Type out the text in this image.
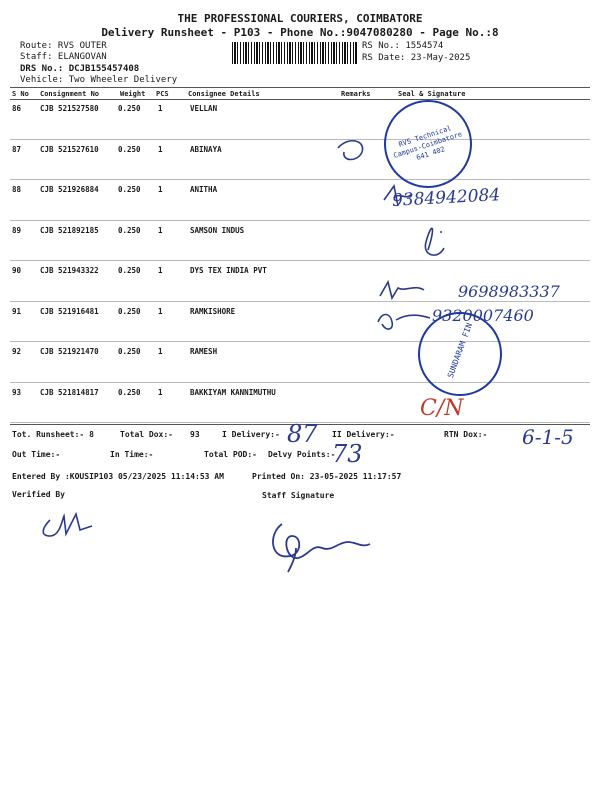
THE PROFESSIONAL COURIERS, COIMBATORE
Delivery Runsheet - P103 - Phone No.:9047080280 - Page No.:8
Route: RVS OUTER
Staff: ELANGOVAN
DRS No.: DCJB155457408
Vehicle: Two Wheeler Delivery
RS No.: 1554574
RS Date: 23-May-2025
S No Consignment No	Weight PCS	Consignee Details	Remarks	Seal & Signature
86	CJB 521527580	0.250 1	VELLAN
87	CJB 521527610	0.250 1	ABINAYA
88	CJB 521926884	0.250 1	ANITHA
89	CJB 521892185	0.250 1	SAMSON INDUS
90	CJB 521943322	0.250 1	DYS TEX INDIA PVT
91	CJB 521916481	0.250 1	RAMKISHORE
92	CJB 521921470	0.250 1	RAMESH
93	CJB 521814817	0.250 1	BAKKIYAM KANNIMUTHU
Tot. Runsheet:- 8	Total Dox:- 93	I Delivery:-	II Delivery:-	RTN Dox:-
Out Time:-	In Time:-	Total POD:- Delvy Points:-
Entered By :KOUSIP103 05/23/2025 11:14:53 AM	Printed On: 23-05-2025 11:17:57
Verified By	Staff Signature
87
73
6-1-5
9384942084
9698983337
9320007460
C/N
RVS Technical Campus-Coimbatore 641 402
SUNDARAM FIN
